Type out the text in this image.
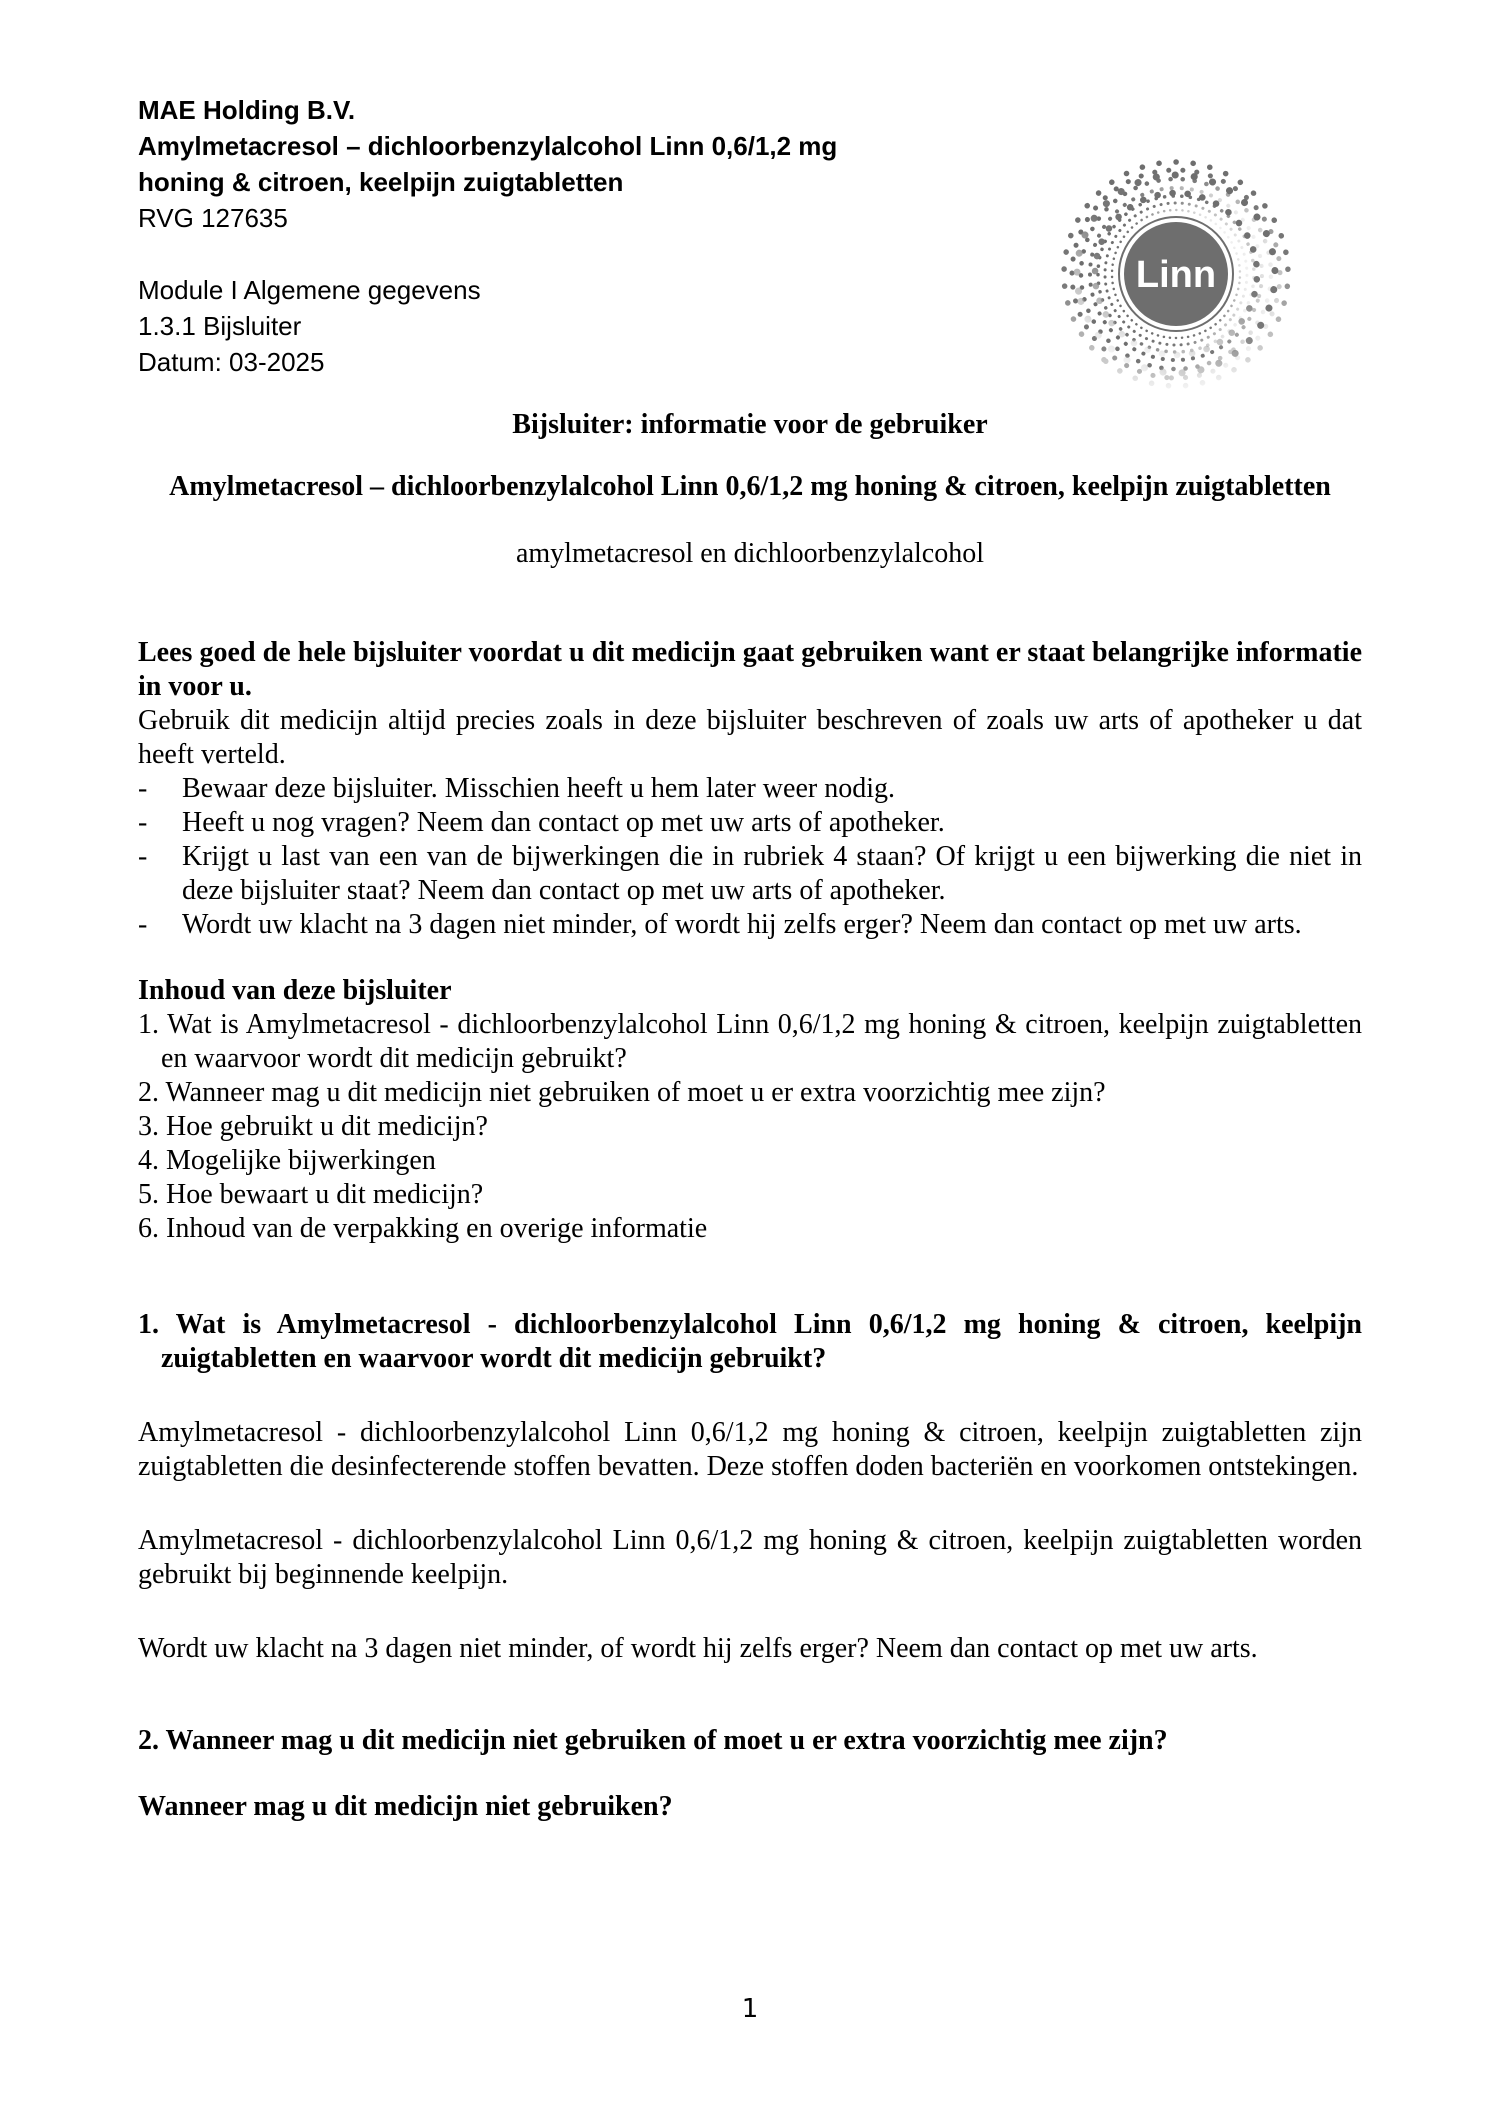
MAE Holding B.V.
Amylmetacresol – dichloorbenzylalcohol Linn 0,6/1,2 mg
honing & citroen, keelpijn zuigtabletten
RVG 127635
Module I Algemene gegevens
1.3.1 Bijsluiter
Datum: 03-2025
Linn
Bijsluiter: informatie voor de gebruiker
Amylmetacresol – dichloorbenzylalcohol Linn 0,6/1,2 mg honing & citroen, keelpijn zuigtabletten
amylmetacresol en dichloorbenzylalcohol
Lees goed de hele bijsluiter voordat u dit medicijn gaat gebruiken want er staat belangrijke informatie in voor u.
Gebruik dit medicijn altijd precies zoals in deze bijsluiter beschreven of zoals uw arts of apotheker u dat heeft verteld.
-	Bewaar deze bijsluiter. Misschien heeft u hem later weer nodig.
-	Heeft u nog vragen? Neem dan contact op met uw arts of apotheker.
-	Krijgt u last van een van de bijwerkingen die in rubriek 4 staan? Of krijgt u een bijwerking die niet in deze bijsluiter staat? Neem dan contact op met uw arts of apotheker.
-	Wordt uw klacht na 3 dagen niet minder, of wordt hij zelfs erger? Neem dan contact op met uw arts.
Inhoud van deze bijsluiter
1. Wat is Amylmetacresol - dichloorbenzylalcohol Linn 0,6/1,2 mg honing & citroen, keelpijn zuigtabletten en waarvoor wordt dit medicijn gebruikt?
2. Wanneer mag u dit medicijn niet gebruiken of moet u er extra voorzichtig mee zijn?
3. Hoe gebruikt u dit medicijn?
4. Mogelijke bijwerkingen
5. Hoe bewaart u dit medicijn?
6. Inhoud van de verpakking en overige informatie
1. Wat is Amylmetacresol - dichloorbenzylalcohol Linn 0,6/1,2 mg honing & citroen, keelpijn zuigtabletten en waarvoor wordt dit medicijn gebruikt?

Amylmetacresol - dichloorbenzylalcohol Linn 0,6/1,2 mg honing & citroen, keelpijn zuigtabletten zijn zuigtabletten die desinfecterende stoffen bevatten. Deze stoffen doden bacteriën en voorkomen ontstekingen.

Amylmetacresol - dichloorbenzylalcohol Linn 0,6/1,2 mg honing & citroen, keelpijn zuigtabletten worden gebruikt bij beginnende keelpijn.

Wordt uw klacht na 3 dagen niet minder, of wordt hij zelfs erger? Neem dan contact op met uw arts.

2. Wanneer mag u dit medicijn niet gebruiken of moet u er extra voorzichtig mee zijn?
Wanneer mag u dit medicijn niet gebruiken?
1
